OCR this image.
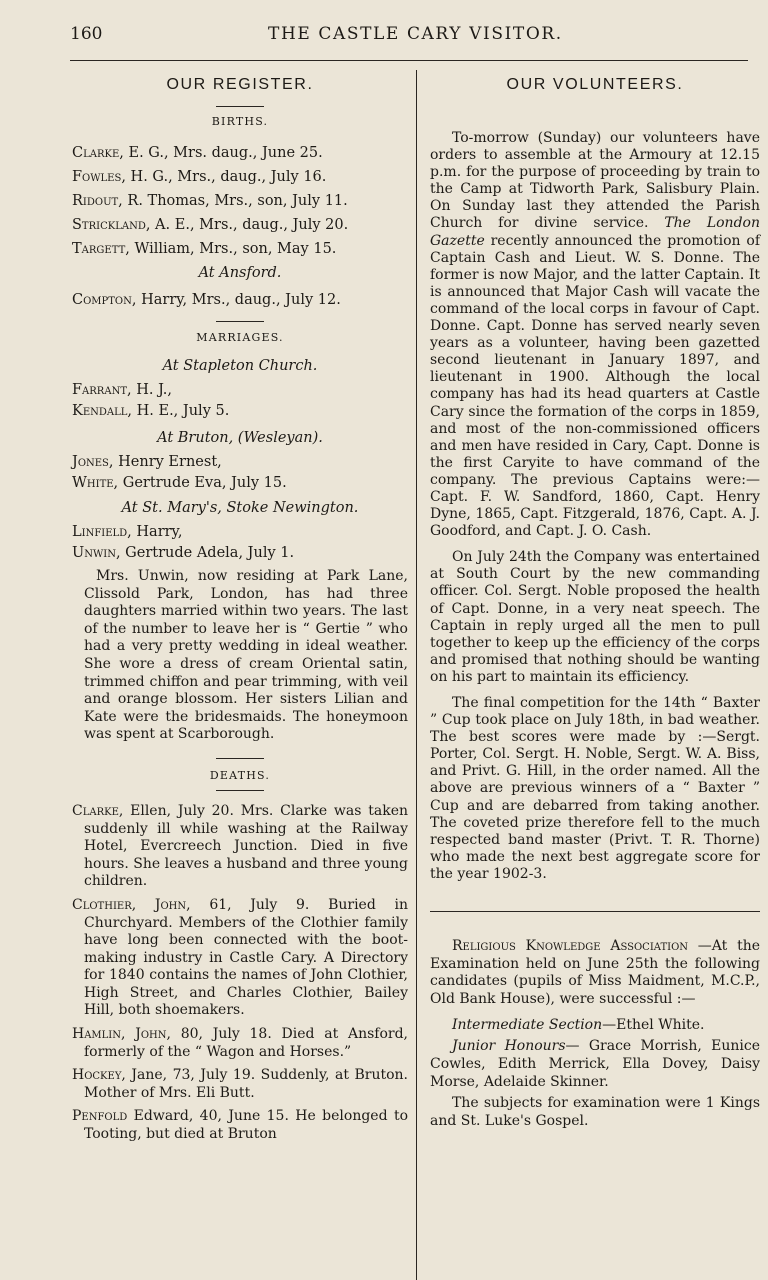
160	THE CASTLE CARY VISITOR.
OUR REGISTER.
BIRTHS.

Clarke, E. G., Mrs. daug., June 25.

Fowles, H. G., Mrs., daug., July 16.

Ridout, R. Thomas, Mrs., son, July 11.

Strickland, A. E., Mrs., daug., July 20.

Targett, William, Mrs., son, May 15.

At Ansford.

Compton, Harry, Mrs., daug., July 12.

MARRIAGES.

At Stapleton Church.

Farrant, H. J.,

Kendall, H. E., July 5.

At Bruton, (Wesleyan).

Jones, Henry Ernest,

White, Gertrude Eva, July 15.

At St. Mary's, Stoke Newington.

Linfield, Harry,

Unwin, Gertrude Adela, July 1.

Mrs. Unwin, now residing at Park Lane, Clissold Park, London, has had three daughters married within two years. The last of the number to leave her is “ Gertie ” who had a very pretty wedding in ideal weather. She wore a dress of cream Oriental satin, trimmed chiffon and pear trimming, with veil and orange blossom. Her sisters Lilian and Kate were the bridesmaids. The honeymoon was spent at Scarborough.

DEATHS.

Clarke, Ellen, July 20. Mrs. Clarke was taken suddenly ill while washing at the Railway Hotel, Evercreech Junction. Died in five hours. She leaves a husband and three young children.

Clothier, John, 61, July 9. Buried in Churchyard. Members of the Clothier family have long been connected with the boot-making industry in Castle Cary. A Directory for 1840 contains the names of John Clothier, High Street, and Charles Clothier, Bailey Hill, both shoemakers.

Hamlin, John, 80, July 18. Died at Ansford, formerly of the “ Wagon and Horses.”

Hockey, Jane, 73, July 19. Suddenly, at Bruton. Mother of Mrs. Eli Butt.

Penfold Edward, 40, June 15. He belonged to Tooting, but died at Bruton

OUR VOLUNTEERS.

To-morrow (Sunday) our volunteers have orders to assemble at the Armoury at 12.15 p.m. for the purpose of proceeding by train to the Camp at Tidworth Park, Salisbury Plain. On Sunday last they attended the Parish Church for divine service. The London Gazette recently announced the promotion of Captain Cash and Lieut. W. S. Donne. The former is now Major, and the latter Captain. It is announced that Major Cash will vacate the command of the local corps in favour of Capt. Donne. Capt. Donne has served nearly seven years as a volunteer, having been gazetted second lieutenant in January 1897, and lieutenant in 1900. Although the local company has had its head quarters at Castle Cary since the formation of the corps in 1859, and most of the non-commissioned officers and men have resided in Cary, Capt. Donne is the first Caryite to have command of the company. The previous Captains were:— Capt. F. W. Sandford, 1860, Capt. Henry Dyne, 1865, Capt. Fitzgerald, 1876, Capt. A. J. Goodford, and Capt. J. O. Cash.

On July 24th the Company was entertained at South Court by the new commanding officer. Col. Sergt. Noble proposed the health of Capt. Donne, in a very neat speech. The Captain in reply urged all the men to pull together to keep up the efficiency of the corps and promised that nothing should be wanting on his part to maintain its efficiency.

The final competition for the 14th “ Baxter ” Cup took place on July 18th, in bad weather. The best scores were made by :—Sergt. Porter, Col. Sergt. H. Noble, Sergt. W. A. Biss, and Privt. G. Hill, in the order named. All the above are previous winners of a “ Baxter ” Cup and are debarred from taking another. The coveted prize therefore fell to the much respected band master (Privt. T. R. Thorne) who made the next best aggregate score for the year 1902-3.

Religious Knowledge Association —At the Examination held on June 25th the following candidates (pupils of Miss Maidment, M.C.P., Old Bank House), were successful :—

Intermediate Section—Ethel White.

Junior Honours— Grace Morrish, Eunice Cowles, Edith Merrick, Ella Dovey, Daisy Morse, Adelaide Skinner.

The subjects for examination were 1 Kings and St. Luke's Gospel.
